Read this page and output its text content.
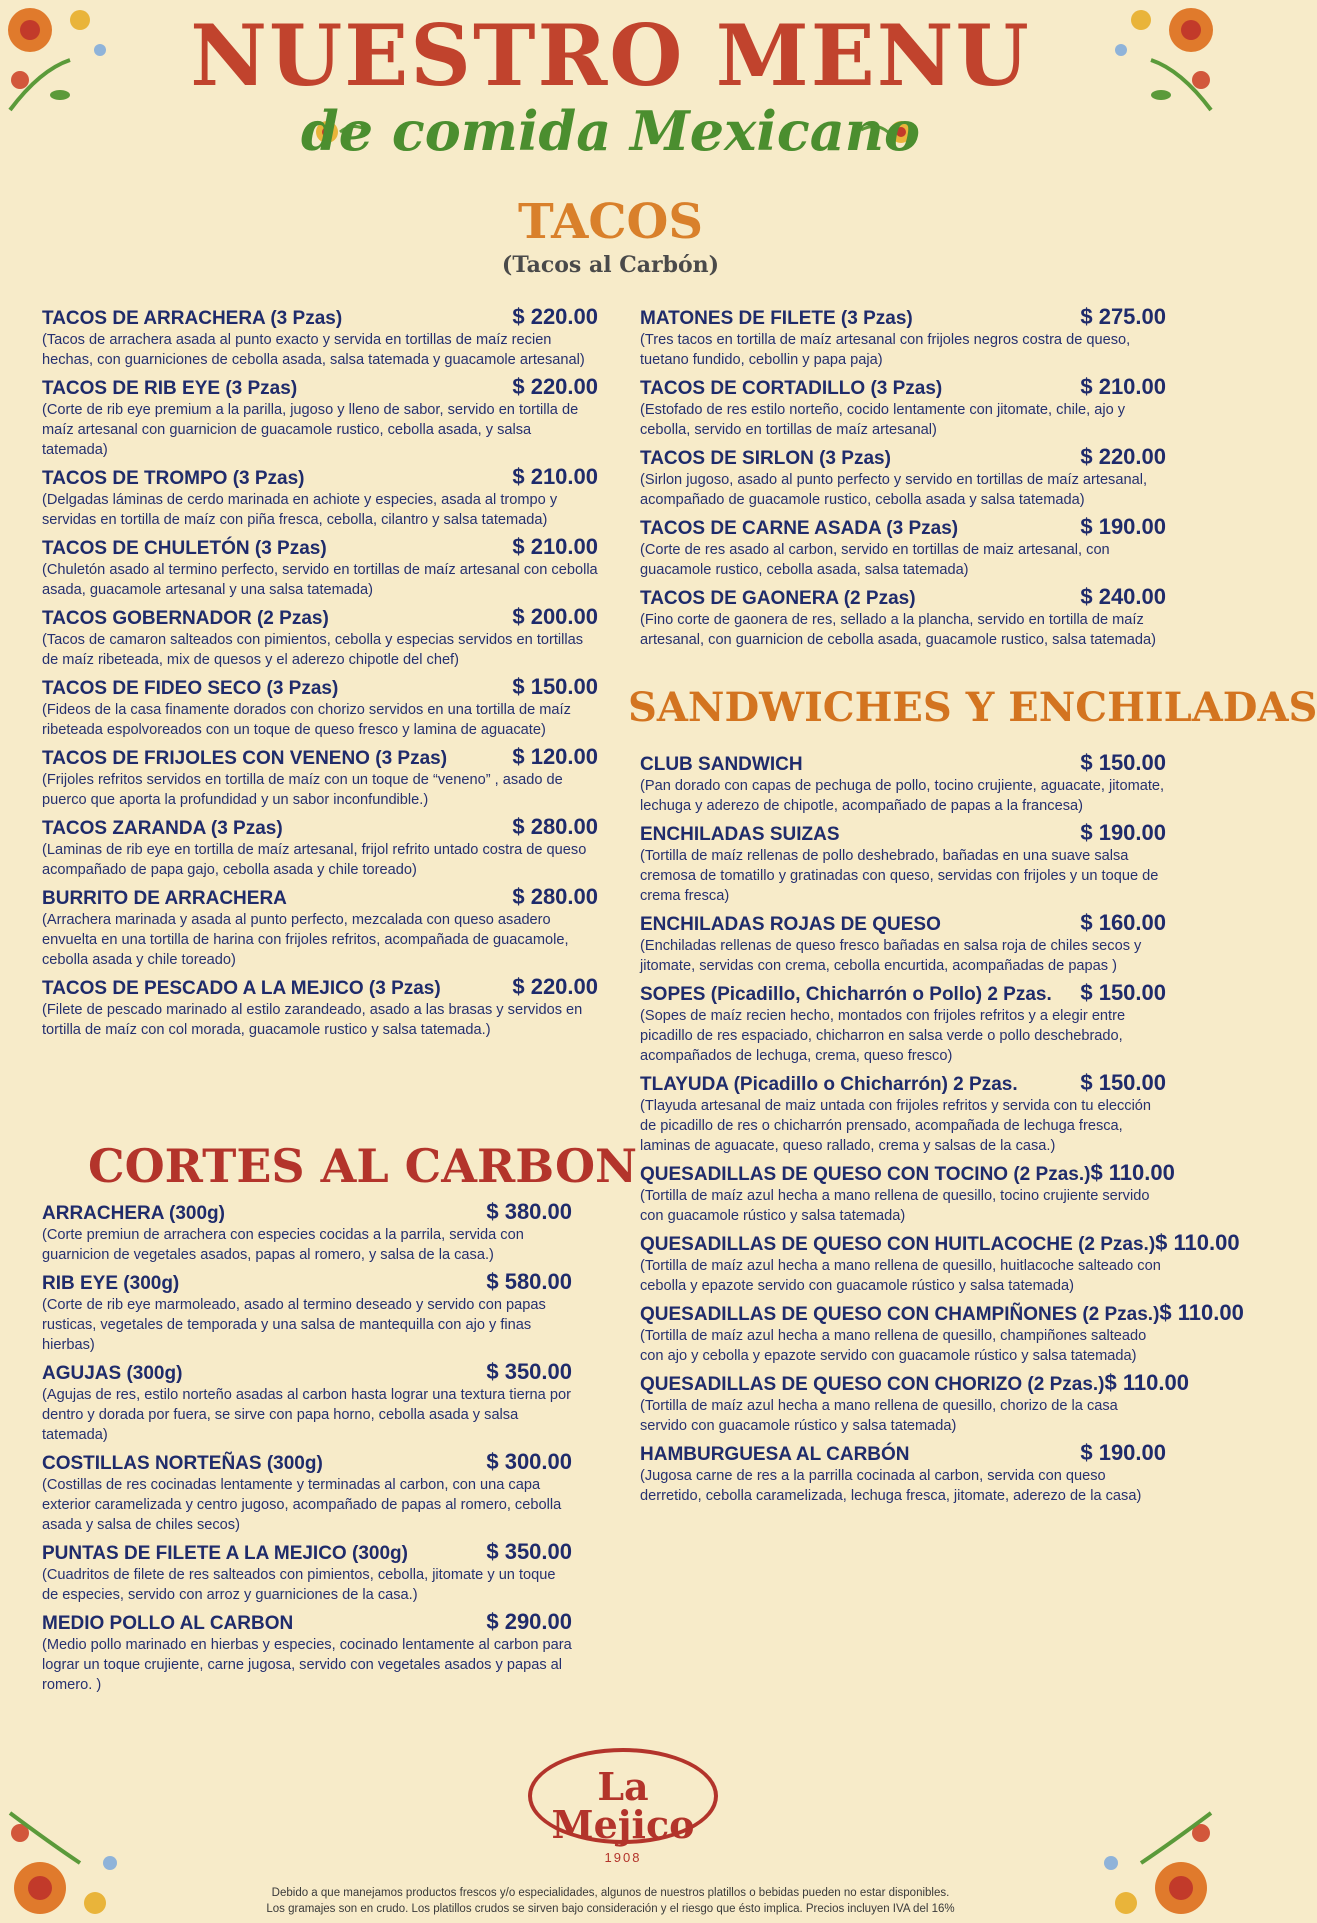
NUESTRO MENU
de comida Mexicano
TACOS
(Tacos al Carbón)
TACOS DE ARRACHERA (3 Pzas)	$ 220.00
(Tacos de arrachera asada al punto exacto y servida en tortillas de maíz recien hechas, con guarniciones de cebolla asada, salsa tatemada y guacamole artesanal)
TACOS DE RIB EYE (3 Pzas)	$ 220.00
(Corte de rib eye premium a la parilla, jugoso y lleno de sabor, servido en tortilla de maíz artesanal con guarnicion de guacamole rustico, cebolla asada, y salsa tatemada)
TACOS DE TROMPO (3 Pzas)	$ 210.00
(Delgadas láminas de cerdo marinada en achiote y especies, asada al trompo y servidas en tortilla de maíz con piña fresca, cebolla, cilantro y salsa tatemada)
TACOS DE CHULETÓN (3 Pzas)	$ 210.00
(Chuletón asado al termino perfecto, servido en tortillas de maíz artesanal con cebolla asada, guacamole artesanal y una salsa tatemada)
TACOS GOBERNADOR (2 Pzas)	$ 200.00
(Tacos de camaron salteados con pimientos, cebolla y especias servidos en tortillas de maíz ribeteada, mix de quesos y el aderezo chipotle del chef)
TACOS DE FIDEO SECO (3 Pzas)	$ 150.00
(Fideos de la casa finamente dorados con chorizo servidos en una tortilla de maíz ribeteada espolvoreados con un toque de queso fresco y lamina de aguacate)
TACOS DE FRIJOLES CON VENENO (3 Pzas)	$ 120.00
(Frijoles refritos servidos en tortilla de maíz con un toque de “veneno” , asado de puerco que aporta la profundidad y un sabor inconfundible.)
TACOS ZARANDA (3 Pzas)	$ 280.00
(Laminas de rib eye en tortilla de maíz artesanal, frijol refrito untado costra de queso acompañado de papa gajo, cebolla asada y chile toreado)
BURRITO DE ARRACHERA	$ 280.00
(Arrachera marinada y asada al punto perfecto, mezcalada con queso asadero envuelta en una tortilla de harina con frijoles refritos, acompañada de guacamole, cebolla asada y chile toreado)
TACOS DE PESCADO A LA MEJICO (3 Pzas)	$ 220.00
(Filete de pescado marinado al estilo zarandeado, asado a las brasas y servidos en tortilla de maíz con col morada, guacamole rustico y salsa tatemada.)
MATONES DE FILETE (3 Pzas)	$ 275.00
(Tres tacos en tortilla de maíz artesanal con frijoles negros costra de queso, tuetano fundido, cebollin y papa paja)
TACOS DE CORTADILLO (3 Pzas)	$ 210.00
(Estofado de res estilo norteño, cocido lentamente con jitomate, chile, ajo y cebolla, servido en tortillas de maíz artesanal)
TACOS DE SIRLON (3 Pzas)	$ 220.00
(Sirlon jugoso, asado al punto perfecto y servido en tortillas de maíz artesanal, acompañado de guacamole rustico, cebolla asada y salsa tatemada)
TACOS DE CARNE ASADA (3 Pzas)	$ 190.00
(Corte de res asado al carbon, servido en tortillas de maiz artesanal, con guacamole rustico, cebolla asada, salsa tatemada)
TACOS DE GAONERA (2 Pzas)	$ 240.00
(Fino corte de gaonera de res, sellado a la plancha, servido en tortilla de maíz artesanal, con guarnicion de cebolla asada, guacamole rustico, salsa tatemada)
SANDWICHES Y ENCHILADAS
CLUB SANDWICH	$ 150.00
(Pan dorado con capas de pechuga de pollo, tocino crujiente, aguacate, jitomate, lechuga y aderezo de chipotle, acompañado de papas a la francesa)
ENCHILADAS SUIZAS	$ 190.00
(Tortilla de maíz rellenas de pollo deshebrado, bañadas en una suave salsa cremosa de tomatillo y gratinadas con queso, servidas con frijoles y un toque de crema fresca)
ENCHILADAS ROJAS DE QUESO	$ 160.00
(Enchiladas rellenas de queso fresco bañadas en salsa roja de chiles secos y jitomate, servidas con crema, cebolla encurtida, acompañadas de papas )
SOPES (Picadillo, Chicharrón o Pollo) 2 Pzas. $ 150.00
(Sopes de maíz recien hecho, montados con frijoles refritos y a elegir entre picadillo de res espaciado, chicharron en salsa verde o pollo deschebrado, acompañados de lechuga, crema, queso fresco)
TLAYUDA (Picadillo o Chicharrón) 2 Pzas.	$ 150.00
(Tlayuda artesanal de maiz untada con frijoles refritos y servida con tu elección de picadillo de res o chicharrón prensado, acompañada de lechuga fresca, laminas de aguacate, queso rallado, crema y salsas de la casa.)
QUESADILLAS DE QUESO CON TOCINO (2 Pzas.) $ 110.00
(Tortilla de maíz azul hecha a mano rellena de quesillo, tocino crujiente servido con guacamole rústico y salsa tatemada)
QUESADILLAS DE QUESO CON HUITLACOCHE (2 Pzas.) $ 110.00
(Tortilla de maíz azul hecha a mano rellena de quesillo, huitlacoche salteado con cebolla y epazote servido con guacamole rústico y salsa tatemada)
QUESADILLAS DE QUESO CON CHAMPIÑONES (2 Pzas.) $ 110.00
(Tortilla de maíz azul hecha a mano rellena de quesillo, champiñones salteado con ajo y cebolla y epazote servido con guacamole rústico y salsa tatemada)
QUESADILLAS DE QUESO CON CHORIZO (2 Pzas.) $ 110.00
(Tortilla de maíz azul hecha a mano rellena de quesillo, chorizo de la casa servido con guacamole rústico y salsa tatemada)
HAMBURGUESA AL CARBÓN	$ 190.00
(Jugosa carne de res a la parrilla cocinada al carbon, servida con queso derretido, cebolla caramelizada, lechuga fresca, jitomate, aderezo de la casa)
CORTES AL CARBON
ARRACHERA (300g)	$ 380.00
(Corte premiun de arrachera con especies cocidas a la parrila, servida con guarnicion de vegetales asados, papas al romero, y salsa de la casa.)
RIB EYE (300g)	$ 580.00
(Corte de rib eye marmoleado, asado al termino deseado y servido con papas rusticas, vegetales de temporada y una salsa de mantequilla con ajo y finas hierbas)
AGUJAS (300g)	$ 350.00
(Agujas de res, estilo norteño asadas al carbon hasta lograr una textura tierna por dentro y dorada por fuera, se sirve con papa horno, cebolla asada y salsa tatemada)
COSTILLAS NORTEÑAS (300g)	$ 300.00
(Costillas de res cocinadas lentamente y terminadas al carbon, con una capa exterior caramelizada y centro jugoso, acompañado de papas al romero, cebolla asada y salsa de chiles secos)
PUNTAS DE FILETE A LA MEJICO (300g)	$ 350.00
(Cuadritos de filete de res salteados con pimientos, cebolla, jitomate y un toque de especies, servido con arroz y guarniciones de la casa.)
MEDIO POLLO AL CARBON	$ 290.00
(Medio pollo marinado en hierbas y especies, cocinado lentamente al carbon para lograr un toque crujiente, carne jugosa, servido con vegetales asados y papas al romero. )
La Mejico
1908
Debido a que manejamos productos frescos y/o especialidades, algunos de nuestros platillos o bebidas pueden no estar disponibles.
Los gramajes son en crudo. Los platillos crudos se sirven bajo consideración y el riesgo que ésto implica. Precios incluyen IVA del 16%
